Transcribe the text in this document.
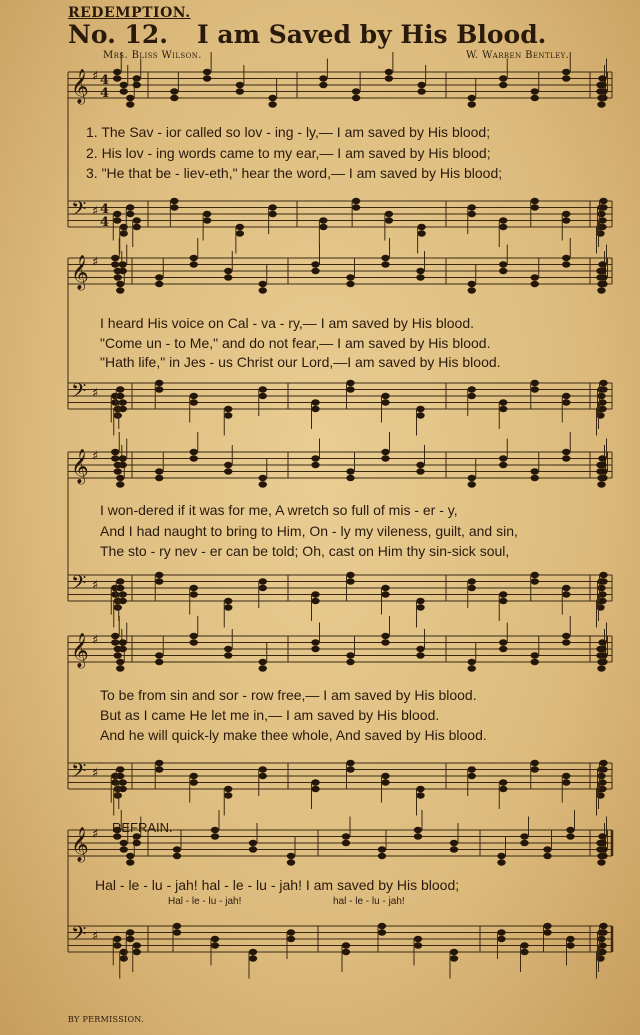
𝄞 ♯
𝄢 ♯
𝄞 ♯
𝄢 ♯
𝄞 ♯
𝄢 ♯
𝄞 ♯
𝄢 ♯
𝄞 ♯
𝄢 ♯
4
4
4
4
REDEMPTION.
No. 12. I am Saved by His Blood.
Mrs. Bliss Wilson.	W. Warren Bentley.
1. The Sav - ior called so lov - ing - ly,— I am saved by His blood;
2. His lov - ing words came to my ear,— I am saved by His blood;
3. "He that be - liev-eth," hear the word,— I am saved by His blood;
I heard His voice on Cal - va - ry,— I am saved by His blood.
"Come un - to Me," and do not fear,— I am saved by His blood.
"Hath life," in Jes - us Christ our Lord,—I am saved by His blood.
I won-dered if it was for me, A wretch so full of mis - er - y,
And I had naught to bring to Him, On - ly my vileness, guilt, and sin,
The sto - ry nev - er can be told; Oh, cast on Him thy sin-sick soul,
To be from sin and sor - row free,— I am saved by His blood.
But as I came He let me in,— I am saved by His blood.
And he will quick-ly make thee whole, And saved by His blood.
REFRAIN.
Hal - le - lu - jah! hal - le - lu - jah! I am saved by His blood;
Hal - le - lu - jah!	hal - le - lu - jah!
BY PERMISSION.
